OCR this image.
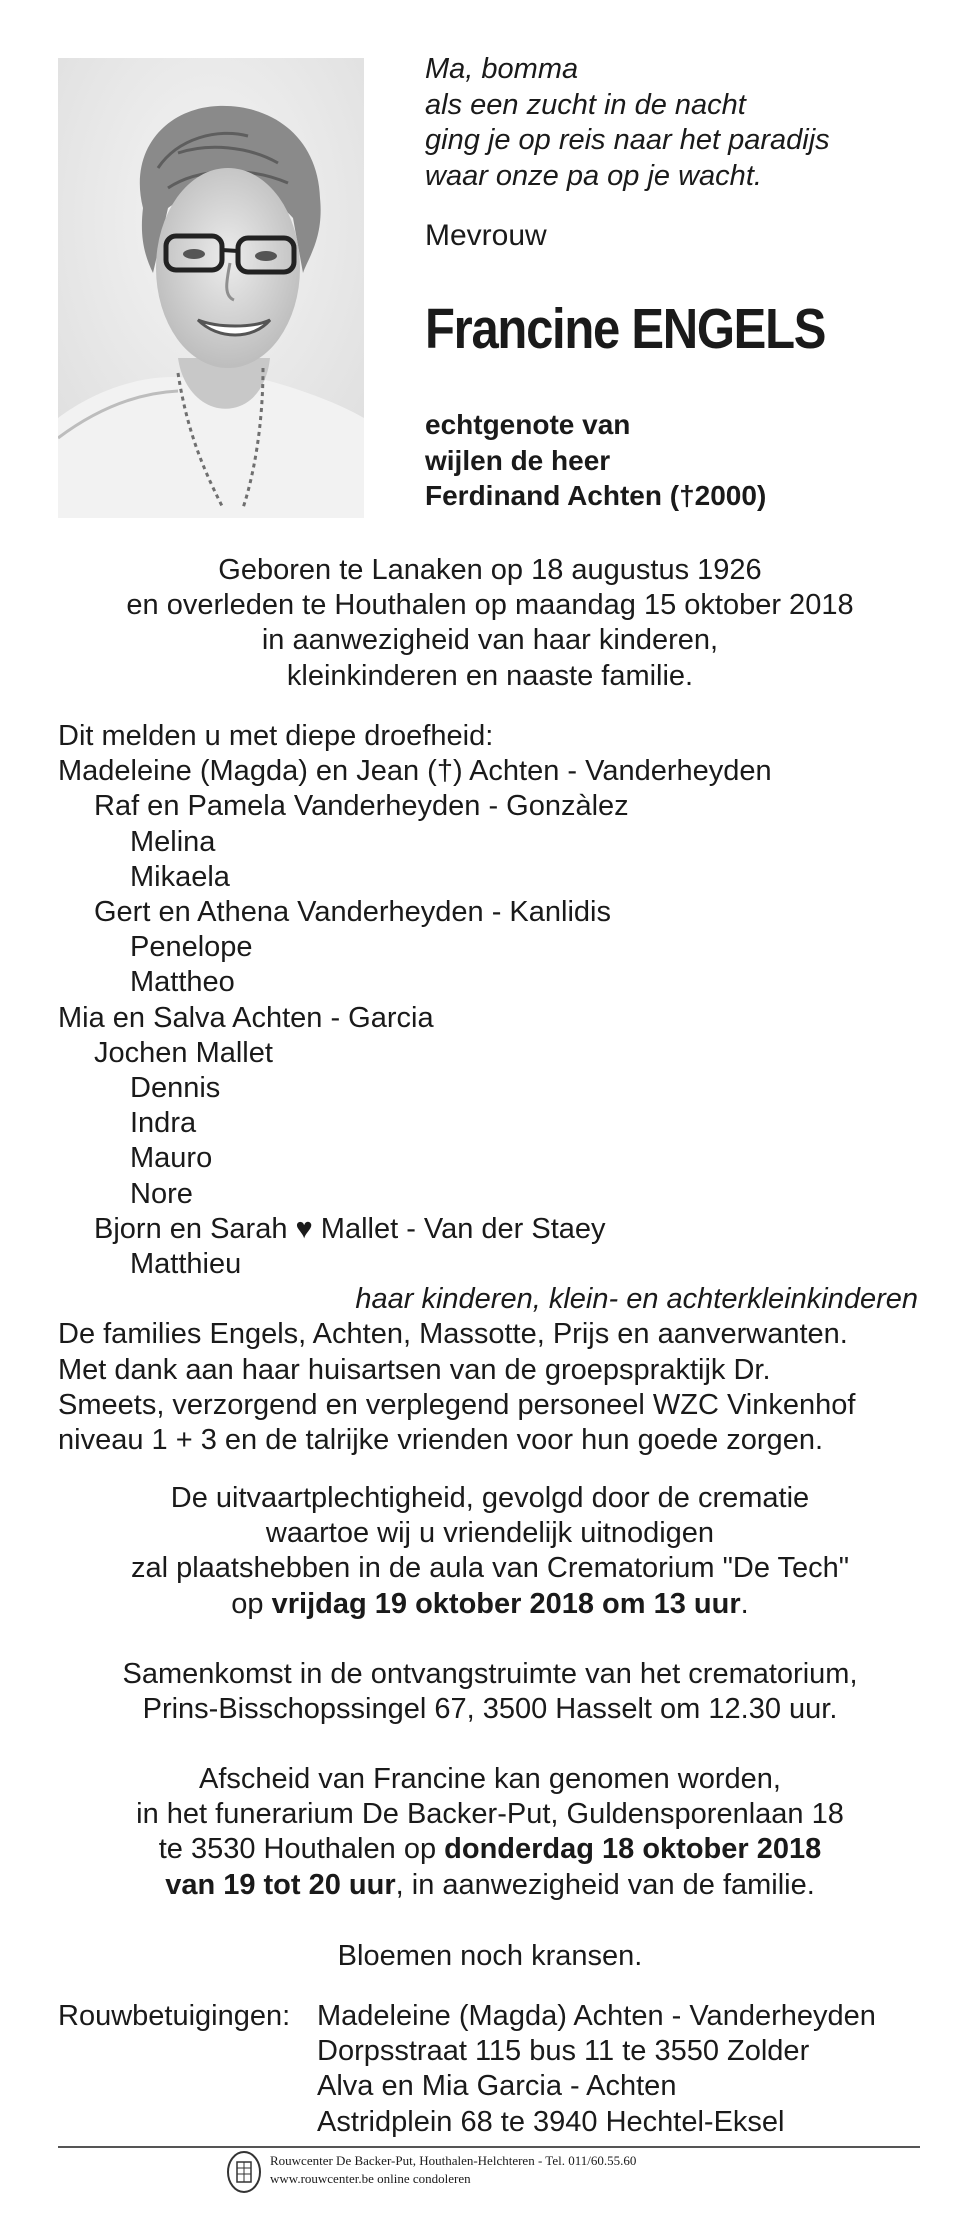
Ma, bomma
als een zucht in de nacht
ging je op reis naar het paradijs
waar onze pa op je wacht.
Mevrouw
Francine ENGELS
echtgenote van
wijlen de heer
Ferdinand Achten (†2000)
Geboren te Lanaken op 18 augustus 1926
en overleden te Houthalen op maandag 15 oktober 2018
in aanwezigheid van haar kinderen,
kleinkinderen en naaste familie.
Dit melden u met diepe droefheid:
Madeleine (Magda) en Jean (†) Achten - Vanderheyden
Raf en Pamela Vanderheyden - Gonzàlez
Melina
Mikaela
Gert en Athena Vanderheyden - Kanlidis
Penelope
Mattheo
Mia en Salva Achten - Garcia
Jochen Mallet
Dennis
Indra
Mauro
Nore
Bjorn en Sarah ♥ Mallet - Van der Staey
Matthieu
haar kinderen, klein- en achterkleinkinderen
De families Engels, Achten, Massotte, Prijs en aanverwanten.
Met dank aan haar huisartsen van de groepspraktijk Dr.
Smeets, verzorgend en verplegend personeel WZC Vinkenhof
niveau 1 + 3 en de talrijke vrienden voor hun goede zorgen.
De uitvaartplechtigheid, gevolgd door de crematie
waartoe wij u vriendelijk uitnodigen
zal plaatshebben in de aula van Crematorium "De Tech"
op vrijdag 19 oktober 2018 om 13 uur.
Samenkomst in de ontvangstruimte van het crematorium,
Prins-Bisschopssingel 67, 3500 Hasselt om 12.30 uur.
Afscheid van Francine kan genomen worden,
in het funerarium De Backer-Put, Guldensporenlaan 18
te 3530 Houthalen op donderdag 18 oktober 2018
van 19 tot 20 uur, in aanwezigheid van de familie.
Bloemen noch kransen.
Rouwbetuigingen: Madeleine (Magda) Achten - Vanderheyden
Dorpsstraat 115 bus 11 te 3550 Zolder
Alva en Mia Garcia - Achten
Astridplein 68 te 3940 Hechtel-Eksel
Rouwcenter De Backer-Put, Houthalen-Helchteren - Tel. 011/60.55.60
www.rouwcenter.be online condoleren
